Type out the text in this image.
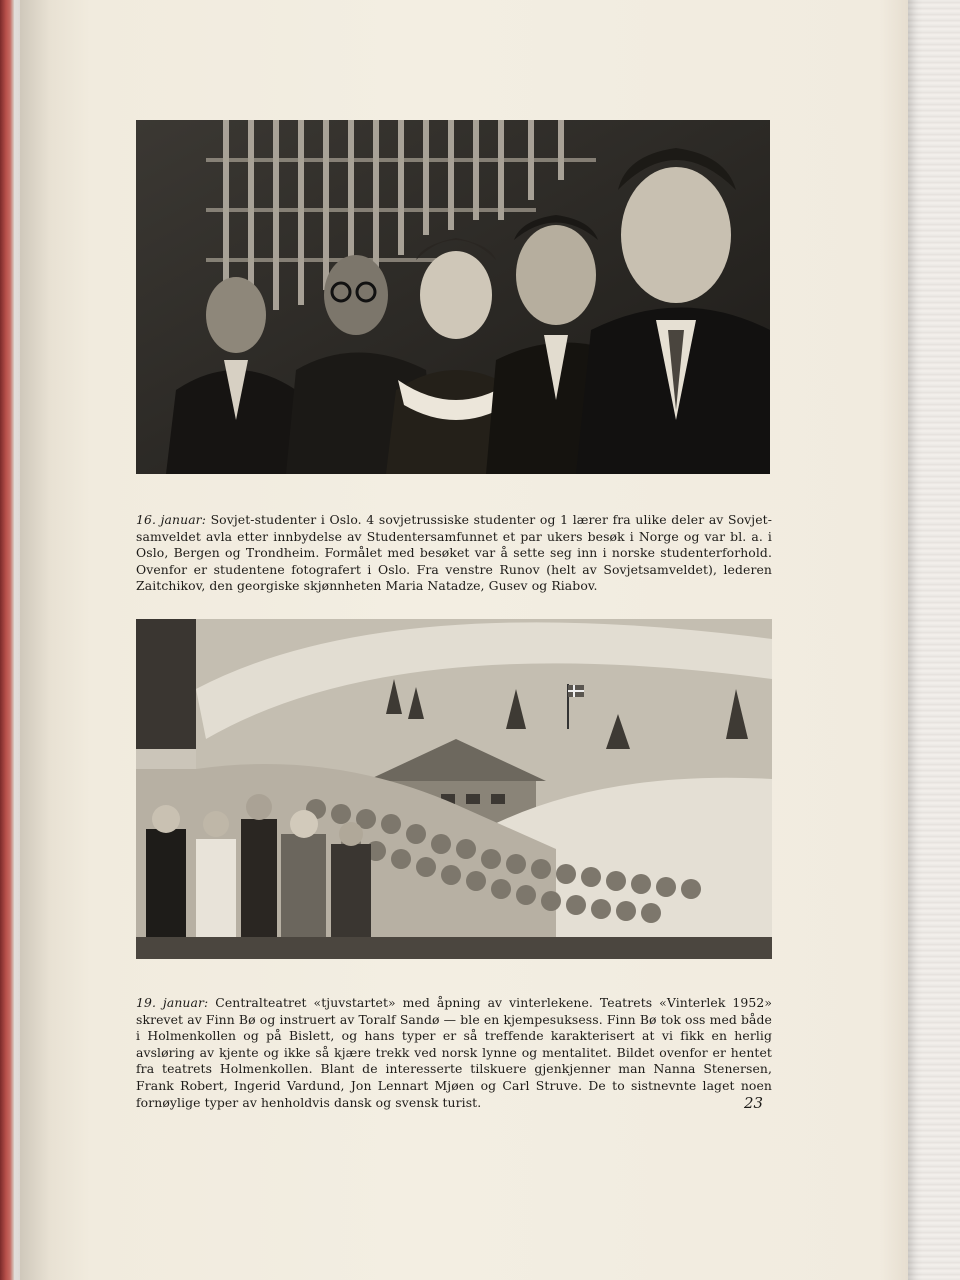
16. januar: Sovjet-studenter i Oslo. 4 sovjetrussiske studenter og 1 lærer fra ulike deler av Sovjet-samveldet avla etter innbydelse av Studentersamfunnet et par ukers besøk i Norge og var bl. a. i Oslo, Bergen og Trondheim. Formålet med besøket var å sette seg inn i norske studenterforhold. Ovenfor er studentene fotografert i Oslo. Fra venstre Runov (helt av Sovjetsamveldet), lederen Zaitchikov, den georgiske skjønnheten Maria Natadze, Gusev og Riabov.
19. januar: Centralteatret «tjuvstartet» med åpning av vinterlekene. Teatrets «Vinterlek 1952» skrevet av Finn Bø og instruert av Toralf Sandø — ble en kjempesuksess. Finn Bø tok oss med både i Holmenkollen og på Bislett, og hans typer er så treffende karakterisert at vi fikk en herlig avsløring av kjente og ikke så kjære trekk ved norsk lynne og mentalitet. Bildet ovenfor er hentet fra teatrets Holmenkollen. Blant de interesserte tilskuere gjenkjenner man Nanna Stenersen, Frank Robert, Ingerid Vardund, Jon Lennart Mjøen og Carl Struve. De to sistnevnte laget noen fornøylige typer av henholdvis dansk og svensk turist.	23
